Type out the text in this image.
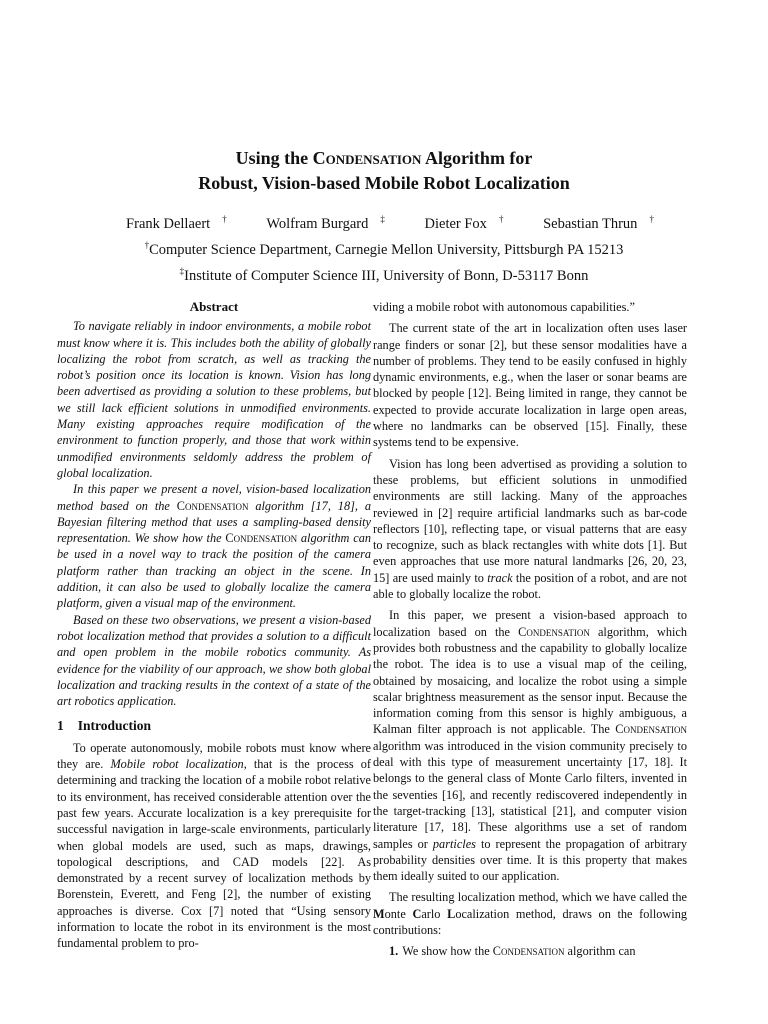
Using the Condensation Algorithm for
Robust, Vision-based Mobile Robot Localization
Frank Dellaert †	Wolfram Burgard ‡	Dieter Fox †	Sebastian Thrun †
†Computer Science Department, Carnegie Mellon University, Pittsburgh PA 15213
‡Institute of Computer Science III, University of Bonn, D-53117 Bonn
Abstract

To navigate reliably in indoor environments, a mobile robot must know where it is. This includes both the ability of globally localizing the robot from scratch, as well as tracking the robot’s position once its location is known. Vision has long been advertised as providing a solution to these problems, but we still lack efficient solutions in unmodified environments. Many existing approaches require modification of the environment to function properly, and those that work within unmodified environments seldomly address the problem of global localization.

In this paper we present a novel, vision-based localization method based on the Condensation algorithm [17, 18], a Bayesian filtering method that uses a sampling-based density representation. We show how the Condensation algorithm can be used in a novel way to track the position of the camera platform rather than tracking an object in the scene. In addition, it can also be used to globally localize the camera platform, given a visual map of the environment.

Based on these two observations, we present a vision-based robot localization method that provides a solution to a difficult and open problem in the mobile robotics community. As evidence for the viability of our approach, we show both global localization and tracking results in the context of a state of the art robotics application.

1 Introduction

To operate autonomously, mobile robots must know where they are. Mobile robot localization, that is the process of determining and tracking the location of a mobile robot relative to its environment, has received considerable attention over the past few years. Accurate localization is a key prerequisite for successful navigation in large-scale environments, particularly when global models are used, such as maps, drawings, topological descriptions, and CAD models [22]. As demonstrated by a recent survey of localization methods by Borenstein, Everett, and Feng [2], the number of existing approaches is diverse. Cox [7] noted that “Using sensory information to locate the robot in its environment is the most fundamental problem to pro-

viding a mobile robot with autonomous capabilities.”

The current state of the art in localization often uses laser range finders or sonar [2], but these sensor modalities have a number of problems. They tend to be easily confused in highly dynamic environments, e.g., when the laser or sonar beams are blocked by people [12]. Being limited in range, they cannot be expected to provide accurate localization in large open areas, where no landmarks can be observed [15]. Finally, these systems tend to be expensive.

Vision has long been advertised as providing a solution to these problems, but efficient solutions in unmodified environments are still lacking. Many of the approaches reviewed in [2] require artificial landmarks such as bar-code reflectors [10], reflecting tape, or visual patterns that are easy to recognize, such as black rectangles with white dots [1]. But even approaches that use more natural landmarks [26, 20, 23, 15] are used mainly to track the position of a robot, and are not able to globally localize the robot.

In this paper, we present a vision-based approach to localization based on the Condensation algorithm, which provides both robustness and the capability to globally localize the robot. The idea is to use a visual map of the ceiling, obtained by mosaicing, and localize the robot using a simple scalar brightness measurement as the sensor input. Because the information coming from this sensor is highly ambiguous, a Kalman filter approach is not applicable. The Condensation algorithm was introduced in the vision community precisely to deal with this type of measurement uncertainty [17, 18]. It belongs to the general class of Monte Carlo filters, invented in the seventies [16], and recently rediscovered independently in the target-tracking [13], statistical [21], and computer vision literature [17, 18]. These algorithms use a set of random samples or particles to represent the propagation of arbitrary probability densities over time. It is this property that makes them ideally suited to our application.

The resulting localization method, which we have called the Monte Carlo Localization method, draws on the following contributions:

1. We show how the Condensation algorithm can
